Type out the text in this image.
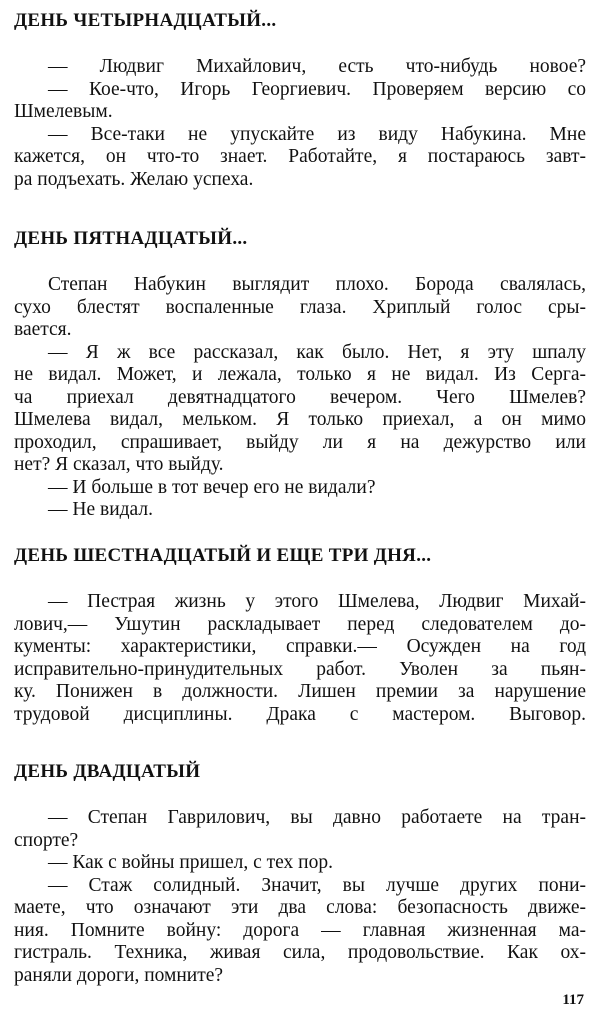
ДЕНЬ ЧЕТЫРНАДЦАТЫЙ...
— Людвиг Михайлович, есть что-нибудь новое?
— Кое-что, Игорь Георгиевич. Проверяем версию со
Шмелевым.
— Все-таки не упускайте из виду Набукина. Мне
кажется, он что-то знает. Работайте, я постараюсь завт-
ра подъехать. Желаю успеха.
ДЕНЬ ПЯТНАДЦАТЫЙ...
Степан Набукин выглядит плохо. Борода свалялась,
сухо блестят воспаленные глаза. Хриплый голос сры-
вается.
— Я ж все рассказал, как было. Нет, я эту шпалу
не видал. Может, и лежала, только я не видал. Из Серга-
ча приехал девятнадцатого вечером. Чего Шмелев?
Шмелева видал, мельком. Я только приехал, а он мимо
проходил, спрашивает, выйду ли я на дежурство или
нет? Я сказал, что выйду.
— И больше в тот вечер его не видали?
— Не видал.
ДЕНЬ ШЕСТНАДЦАТЫЙ И ЕЩЕ ТРИ ДНЯ...
— Пестрая жизнь у этого Шмелева, Людвиг Михай-
лович,— Ушутин раскладывает перед следователем до-
кументы: характеристики, справки.— Осужден на год
исправительно-принудительных работ. Уволен за пьян-
ку. Понижен в должности. Лишен премии за нарушение
трудовой дисциплины. Драка с мастером. Выговор.
ДЕНЬ ДВАДЦАТЫЙ
— Степан Гаврилович, вы давно работаете на тран-
спорте?
— Как с войны пришел, с тех пор.
— Стаж солидный. Значит, вы лучше других пони-
маете, что означают эти два слова: безопасность движе-
ния. Помните войну: дорога — главная жизненная ма-
гистраль. Техника, живая сила, продовольствие. Как ох-
раняли дороги, помните?
117
